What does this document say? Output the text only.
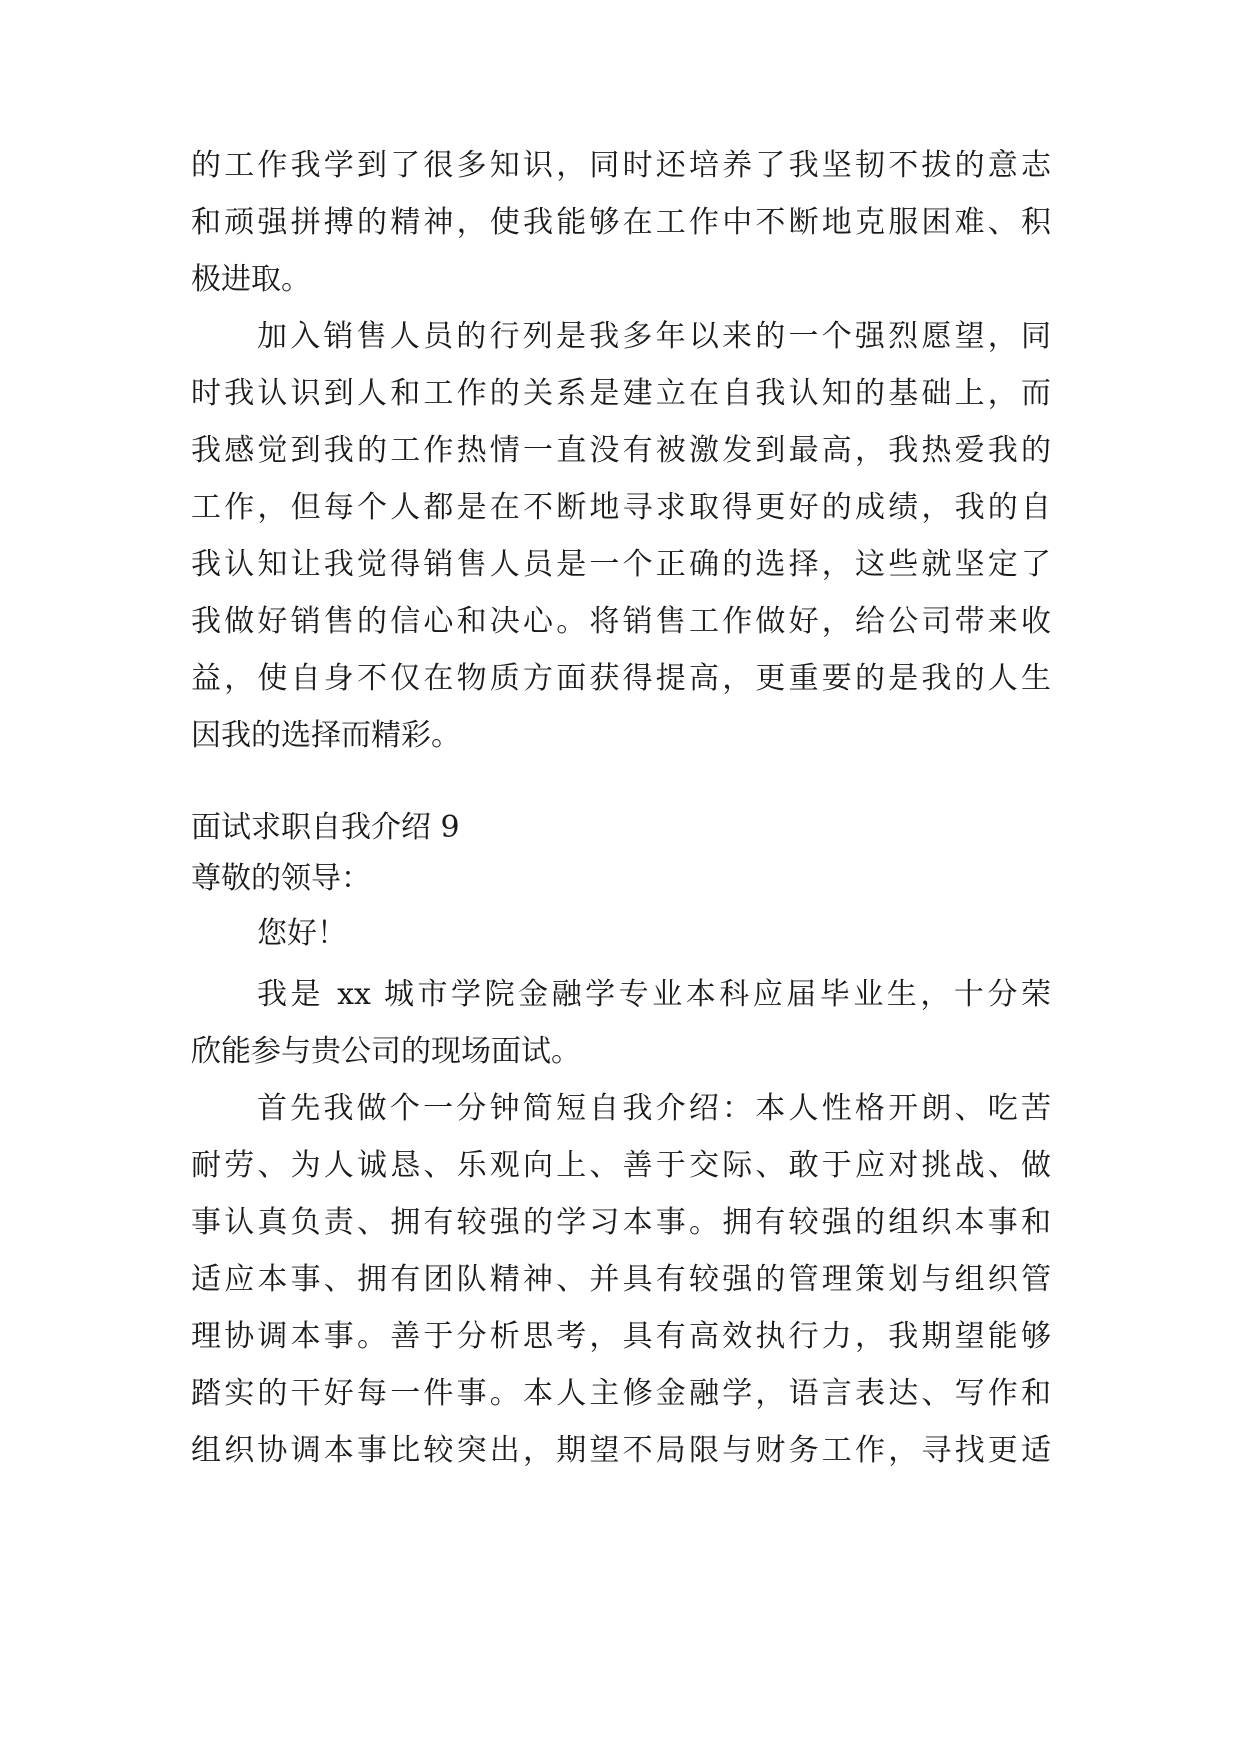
的工作我学到了很多知识，同时还培养了我坚韧不拔的意志
和顽强拼搏的精神，使我能够在工作中不断地克服困难、积
极进取。
加入销售人员的行列是我多年以来的一个强烈愿望，同
时我认识到人和工作的关系是建立在自我认知的基础上，而
我感觉到我的工作热情一直没有被激发到最高，我热爱我的
工作，但每个人都是在不断地寻求取得更好的成绩，我的自
我认知让我觉得销售人员是一个正确的选择，这些就坚定了
我做好销售的信心和决心。将销售工作做好，给公司带来收
益，使自身不仅在物质方面获得提高，更重要的是我的人生
因我的选择而精彩。
面试求职自我介绍 9
尊敬的领导：
您好！
我是 xx 城市学院金融学专业本科应届毕业生，十分荣
欣能参与贵公司的现场面试。
首先我做个一分钟简短自我介绍：本人性格开朗、吃苦
耐劳、为人诚恳、乐观向上、善于交际、敢于应对挑战、做
事认真负责、拥有较强的学习本事。拥有较强的组织本事和
适应本事、拥有团队精神、并具有较强的管理策划与组织管
理协调本事。善于分析思考，具有高效执行力，我期望能够
踏实的干好每一件事。本人主修金融学，语言表达、写作和
组织协调本事比较突出，期望不局限与财务工作，寻找更适
